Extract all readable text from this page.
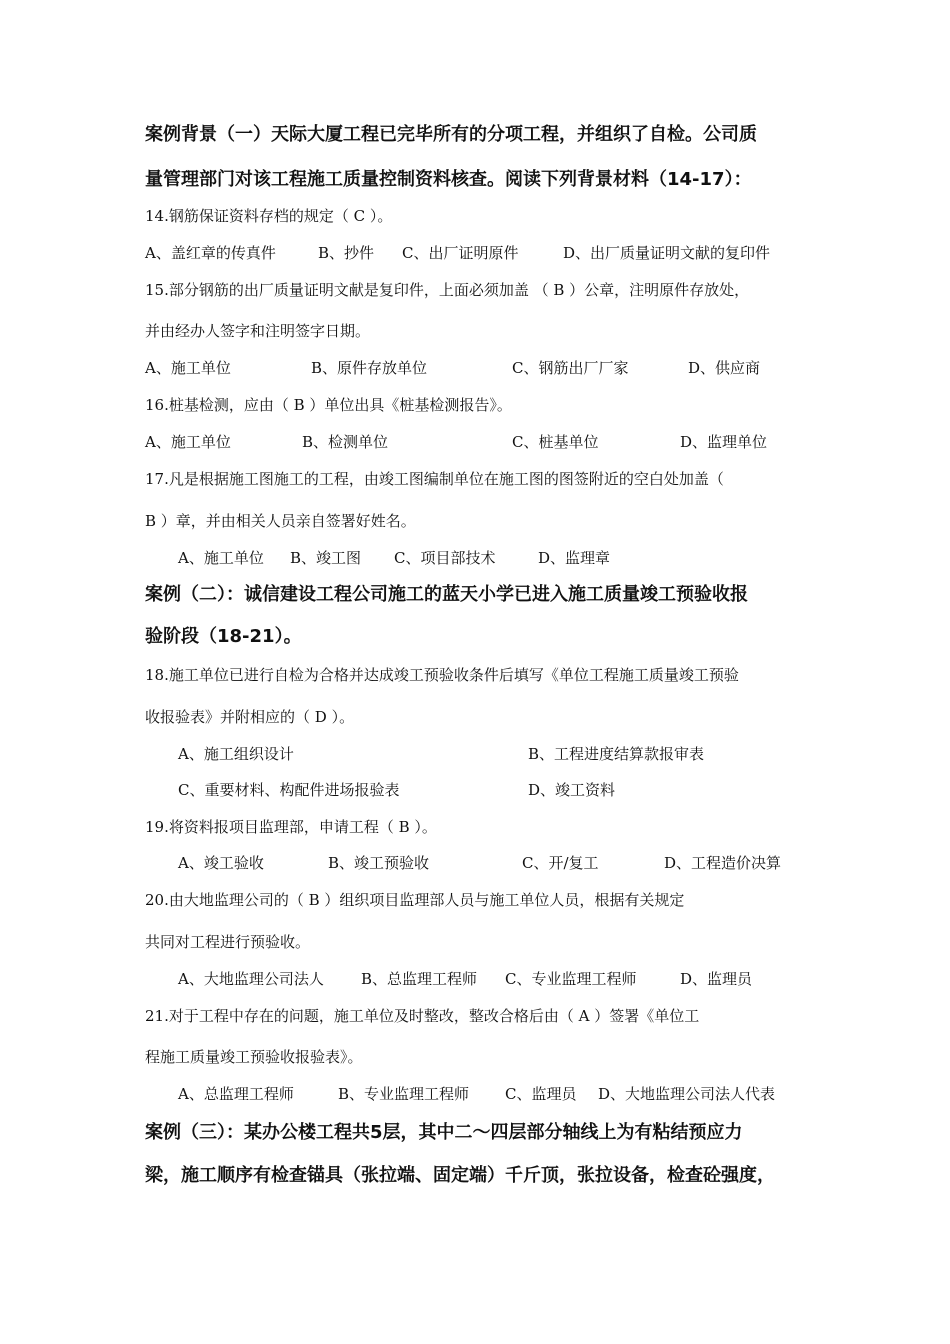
案例背景（一）天际大厦工程已完毕所有的分项工程，并组织了自检。公司质
量管理部门对该工程施工质量控制资料核查。阅读下列背景材料（14-17）：
14.钢筋保证资料存档的规定（ C ）。
A、盖红章的传真件	B、抄件 C、出厂证明原件	D、出厂质量证明文献的复印件
15.部分钢筋的出厂质量证明文献是复印件，上面必须加盖 （ B ）公章，注明原件存放处，
并由经办人签字和注明签字日期。
A、施工单位	B、原件存放单位	C、钢筋出厂厂家	D、供应商
16.桩基检测，应由（ B ）单位出具《桩基检测报告》。
A、施工单位	B、检测单位	C、桩基单位	D、监理单位
17.凡是根据施工图施工的工程，由竣工图编制单位在施工图的图签附近的空白处加盖（
B ）章，并由相关人员亲自签署好姓名。
A、施工单位 B、竣工图 C、项目部技术	D、监理章
案例（二）：诚信建设工程公司施工的蓝天小学已进入施工质量竣工预验收报
验阶段（18-21）。
18.施工单位已进行自检为合格并达成竣工预验收条件后填写《单位工程施工质量竣工预验
收报验表》并附相应的（ D ）。
A、施工组织设计	B、工程进度结算款报审表
C、重要材料、构配件进场报验表	D、竣工资料
19.将资料报项目监理部，申请工程（ B ）。
A、竣工验收	B、竣工预验收	C、开/复工	D、工程造价决算
20.由大地监理公司的（ B ）组织项目监理部人员与施工单位人员，根据有关规定
共同对工程进行预验收。
A、大地监理公司法人 B、总监理工程师 C、专业监理工程师	D、监理员
21.对于工程中存在的问题，施工单位及时整改，整改合格后由（ A ）签署《单位工
程施工质量竣工预验收报验表》。
A、总监理工程师	B、专业监理工程师 C、监理员 D、大地监理公司法人代表
案例（三）：某办公楼工程共5层，其中二～四层部分轴线上为有粘结预应力
梁，施工顺序有检查锚具（张拉端、固定端）千斤顶，张拉设备，检查砼强度，
